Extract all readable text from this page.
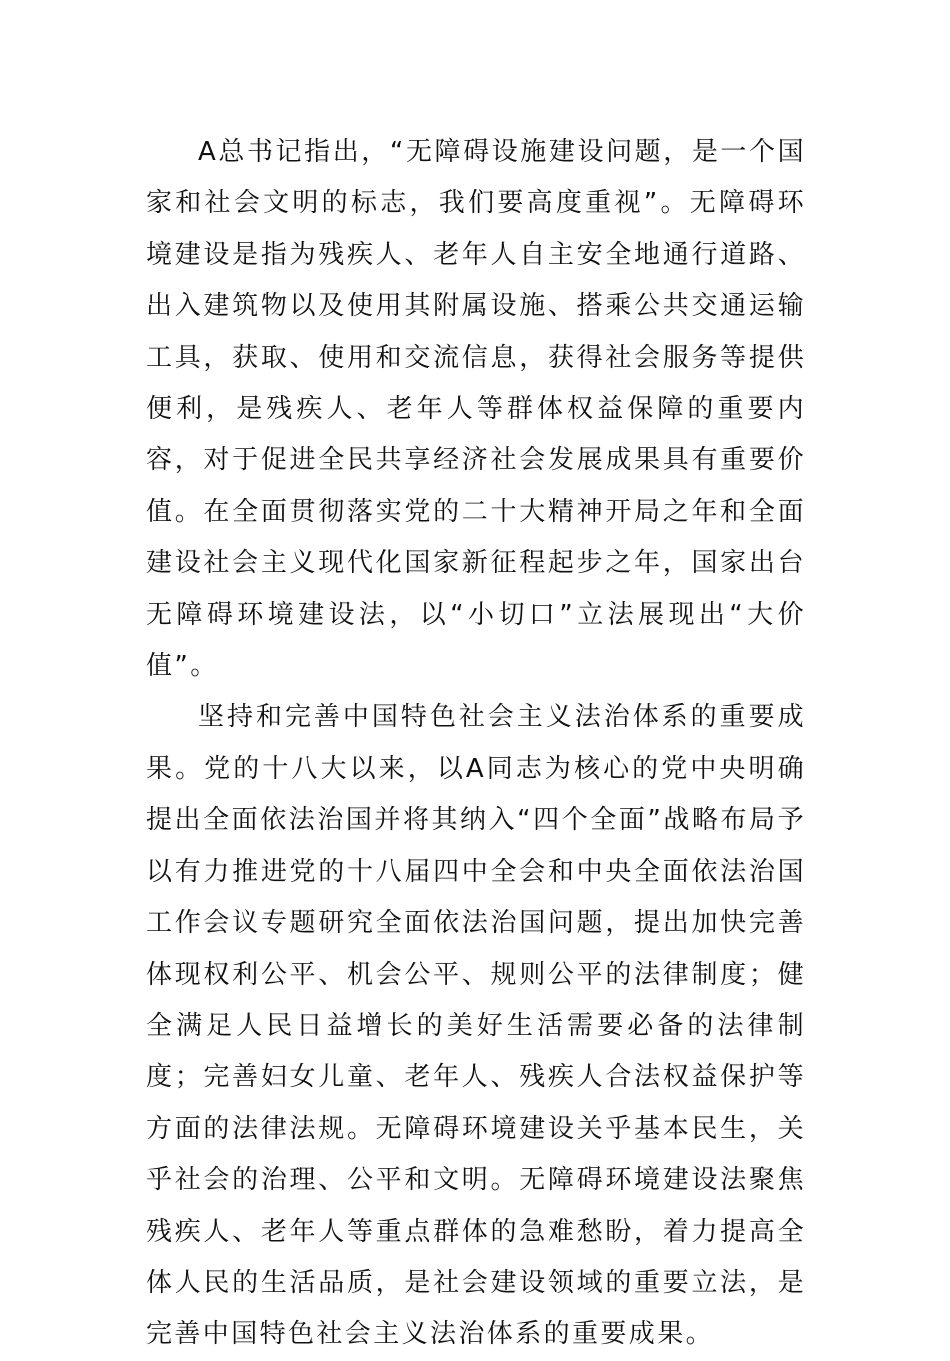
A总书记指出，“无障碍设施建设问题，是一个国家和社会文明的标志，我们要高度重视”。无障碍环境建设是指为残疾人、老年人自主安全地通行道路、出入建筑物以及使用其附属设施、搭乘公共交通运输工具，获取、使用和交流信息，获得社会服务等提供便利，是残疾人、老年人等群体权益保障的重要内容，对于促进全民共享经济社会发展成果具有重要价值。在全面贯彻落实党的二十大精神开局之年和全面建设社会主义现代化国家新征程起步之年，国家出台无障碍环境建设法，以“小切口”立法展现出“大价值”。

坚持和完善中国特色社会主义法治体系的重要成果。党的十八大以来，以A同志为核心的党中央明确提出全面依法治国并将其纳入“四个全面”战略布局予以有力推进党的十八届四中全会和中央全面依法治国工作会议专题研究全面依法治国问题，提出加快完善体现权利公平、机会公平、规则公平的法律制度；健全满足人民日益增长的美好生活需要必备的法律制度；完善妇女儿童、老年人、残疾人合法权益保护等方面的法律法规。无障碍环境建设关乎基本民生，关乎社会的治理、公平和文明。无障碍环境建设法聚焦残疾人、老年人等重点群体的急难愁盼，着力提高全体人民的生活品质，是社会建设领域的重要立法，是完善中国特色社会主义法治体系的重要成果。
